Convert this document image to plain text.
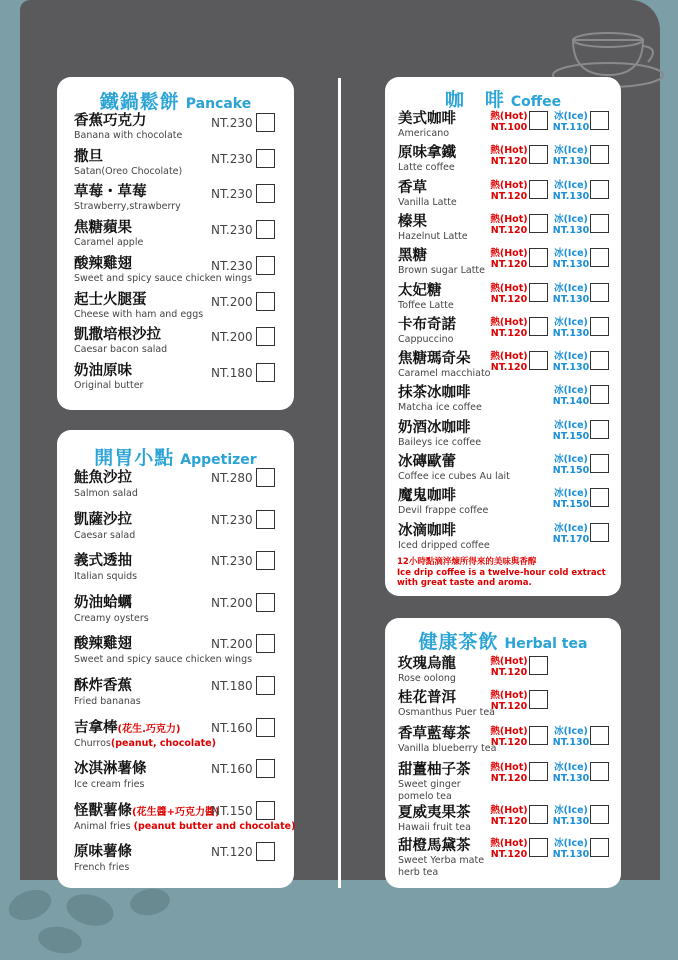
鐵鍋鬆餅 Pancake
香蕉巧克力
Banana with chocolate
NT.230
撒旦
Satan(Oreo Chocolate)
NT.230
草莓・草莓
Strawberry,strawberry
NT.230
焦糖蘋果
Caramel apple
NT.230
酸辣雞翅
Sweet and spicy sauce chicken wings
NT.230
起士火腿蛋
Cheese with ham and eggs
NT.200
凱撒培根沙拉
Caesar bacon salad
NT.200
奶油原味
Original butter
NT.180
開胃小點 Appetizer
鮭魚沙拉
Salmon salad
NT.280
凱薩沙拉
Caesar salad
NT.230
義式透抽
Italian squids
NT.230
奶油蛤蠣
Creamy oysters
NT.200
酸辣雞翅
Sweet and spicy sauce chicken wings
NT.200
酥炸香蕉
Fried bananas
NT.180
吉拿棒(花生.巧克力)
Churros(peanut, chocolate)
NT.160
冰淇淋薯條
Ice cream fries
NT.160
怪獸薯條(花生醬+巧克力醬)
Animal fries (peanut butter and chocolate)
NT.150
原味薯條
French fries
NT.120
咖　啡 Coffee
美式咖啡
Americano
熱(Hot)
NT.100
冰(Ice)
NT.110
原味拿鐵
Latte coffee
熱(Hot)
NT.120
冰(Ice)
NT.130
香草
Vanilla Latte
熱(Hot)
NT.120
冰(Ice)
NT.130
榛果
Hazelnut Latte
熱(Hot)
NT.120
冰(Ice)
NT.130
黑糖
Brown sugar Latte
熱(Hot)
NT.120
冰(Ice)
NT.130
太妃糖
Toffee Latte
熱(Hot)
NT.120
冰(Ice)
NT.130
卡布奇諾
Cappuccino
熱(Hot)
NT.120
冰(Ice)
NT.130
焦糖瑪奇朵
Caramel macchiato
熱(Hot)
NT.120
冰(Ice)
NT.130
抹茶冰咖啡
Matcha ice coffee
冰(Ice)
NT.140
奶酒冰咖啡
Baileys ice coffee
冰(Ice)
NT.150
冰磚歐蕾
Coffee ice cubes Au lait
冰(Ice)
NT.150
魔鬼咖啡
Devil frappe coffee
冰(Ice)
NT.150
冰滴咖啡
Iced dripped coffee
冰(Ice)
NT.170
12小時點滴淬煉所得來的美味與香醇
Ice drip coffee is a twelve-hour cold extract with great taste and aroma.
健康茶飲 Herbal tea
玫瑰烏龍
Rose oolong
熱(Hot)
NT.120
桂花普洱
Osmanthus Puer tea
熱(Hot)
NT.120
香草藍莓茶
Vanilla blueberry tea
熱(Hot)
NT.120
冰(Ice)
NT.130
甜薑柚子茶
Sweet ginger
pomelo tea
熱(Hot)
NT.120
冰(Ice)
NT.130
夏威夷果茶
Hawaii fruit tea
熱(Hot)
NT.120
冰(Ice)
NT.130
甜橙馬黛茶
Sweet Yerba mate
herb tea
熱(Hot)
NT.120
冰(Ice)
NT.130
